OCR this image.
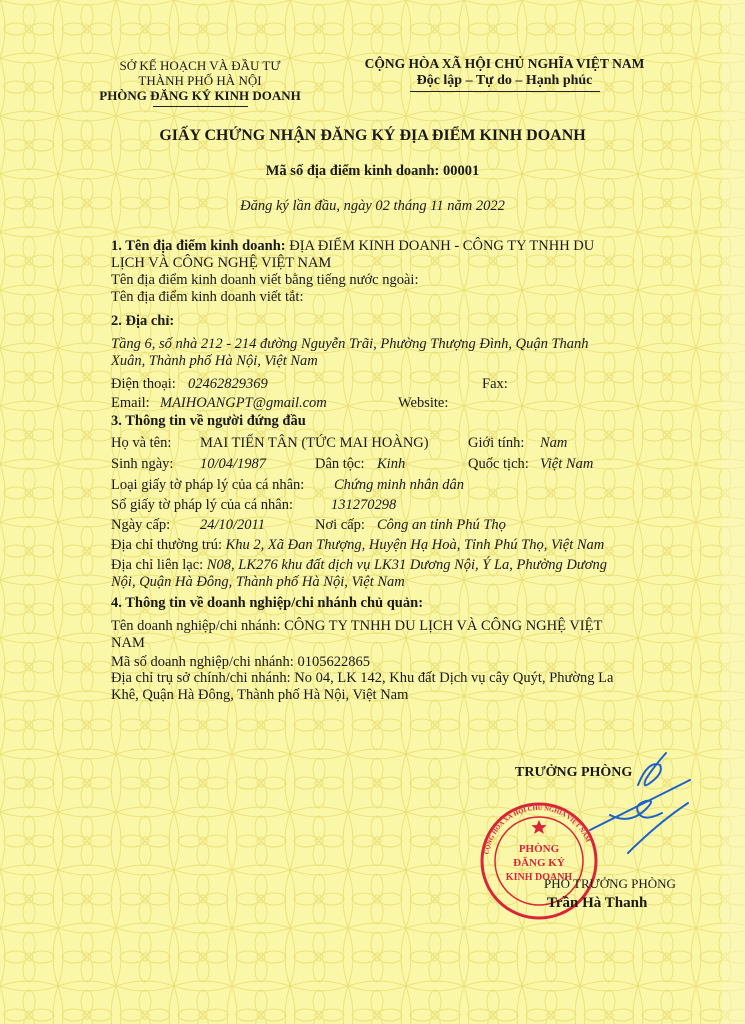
SỞ KẾ HOẠCH VÀ ĐẦU TƯ
THÀNH PHỐ HÀ NỘI
PHÒNG ĐĂNG KÝ KINH DOANH
CỘNG HÒA XÃ HỘI CHỦ NGHĨA VIỆT NAM
Độc lập – Tự do – Hạnh phúc
GIẤY CHỨNG NHẬN ĐĂNG KÝ ĐỊA ĐIỂM KINH DOANH
Mã số địa điểm kinh doanh: 00001
Đăng ký lần đầu, ngày 02 tháng 11 năm 2022
1. Tên địa điểm kinh doanh: ĐỊA ĐIỂM KINH DOANH - CÔNG TY TNHH DU
LỊCH VÀ CÔNG NGHỆ VIỆT NAM
Tên địa điểm kinh doanh viết bằng tiếng nước ngoài:
Tên địa điểm kinh doanh viết tắt:
2. Địa chỉ:
Tầng 6, số nhà 212 - 214 đường Nguyễn Trãi, Phường Thượng Đình, Quận Thanh
Xuân, Thành phố Hà Nội, Việt Nam
Điện thoại: 02462829369	Fax:
Email: MAIHOANGPT@gmail.com	Website:
3. Thông tin về người đứng đầu
Họ và tên: MAI TIẾN TÂN (TỨC MAI HOÀNG)	Giới tính: Nam
Sinh ngày: 10/04/1987	Dân tộc: Kinh	Quốc tịch: Việt Nam
Loại giấy tờ pháp lý của cá nhân: Chứng minh nhân dân
Số giấy tờ pháp lý của cá nhân:	131270298
Ngày cấp: 24/10/2011	Nơi cấp: Công an tỉnh Phú Thọ
Địa chỉ thường trú: Khu 2, Xã Đan Thượng, Huyện Hạ Hoà, Tỉnh Phú Thọ, Việt Nam
Địa chỉ liên lạc: N08, LK276 khu đất dịch vụ LK31 Dương Nội, Ý La, Phường Dương
Nội, Quận Hà Đông, Thành phố Hà Nội, Việt Nam
4. Thông tin về doanh nghiệp/chi nhánh chủ quản:
Tên doanh nghiệp/chi nhánh: CÔNG TY TNHH DU LỊCH VÀ CÔNG NGHỆ VIỆT
NAM
Mã số doanh nghiệp/chi nhánh: 0105622865
Địa chỉ trụ sở chính/chi nhánh: No 04, LK 142, Khu đất Dịch vụ cây Quýt, Phường La
Khê, Quận Hà Đông, Thành phố Hà Nội, Việt Nam
TRƯỞNG PHÒNG
PHÒNG
ĐĂNG KÝ
KINH DOANH
CỘNG HÒA XÃ HỘI CHỦ NGHĨA VIỆT NAM
PHÓ TRƯỞNG PHÒNG
Trần Hà Thanh
